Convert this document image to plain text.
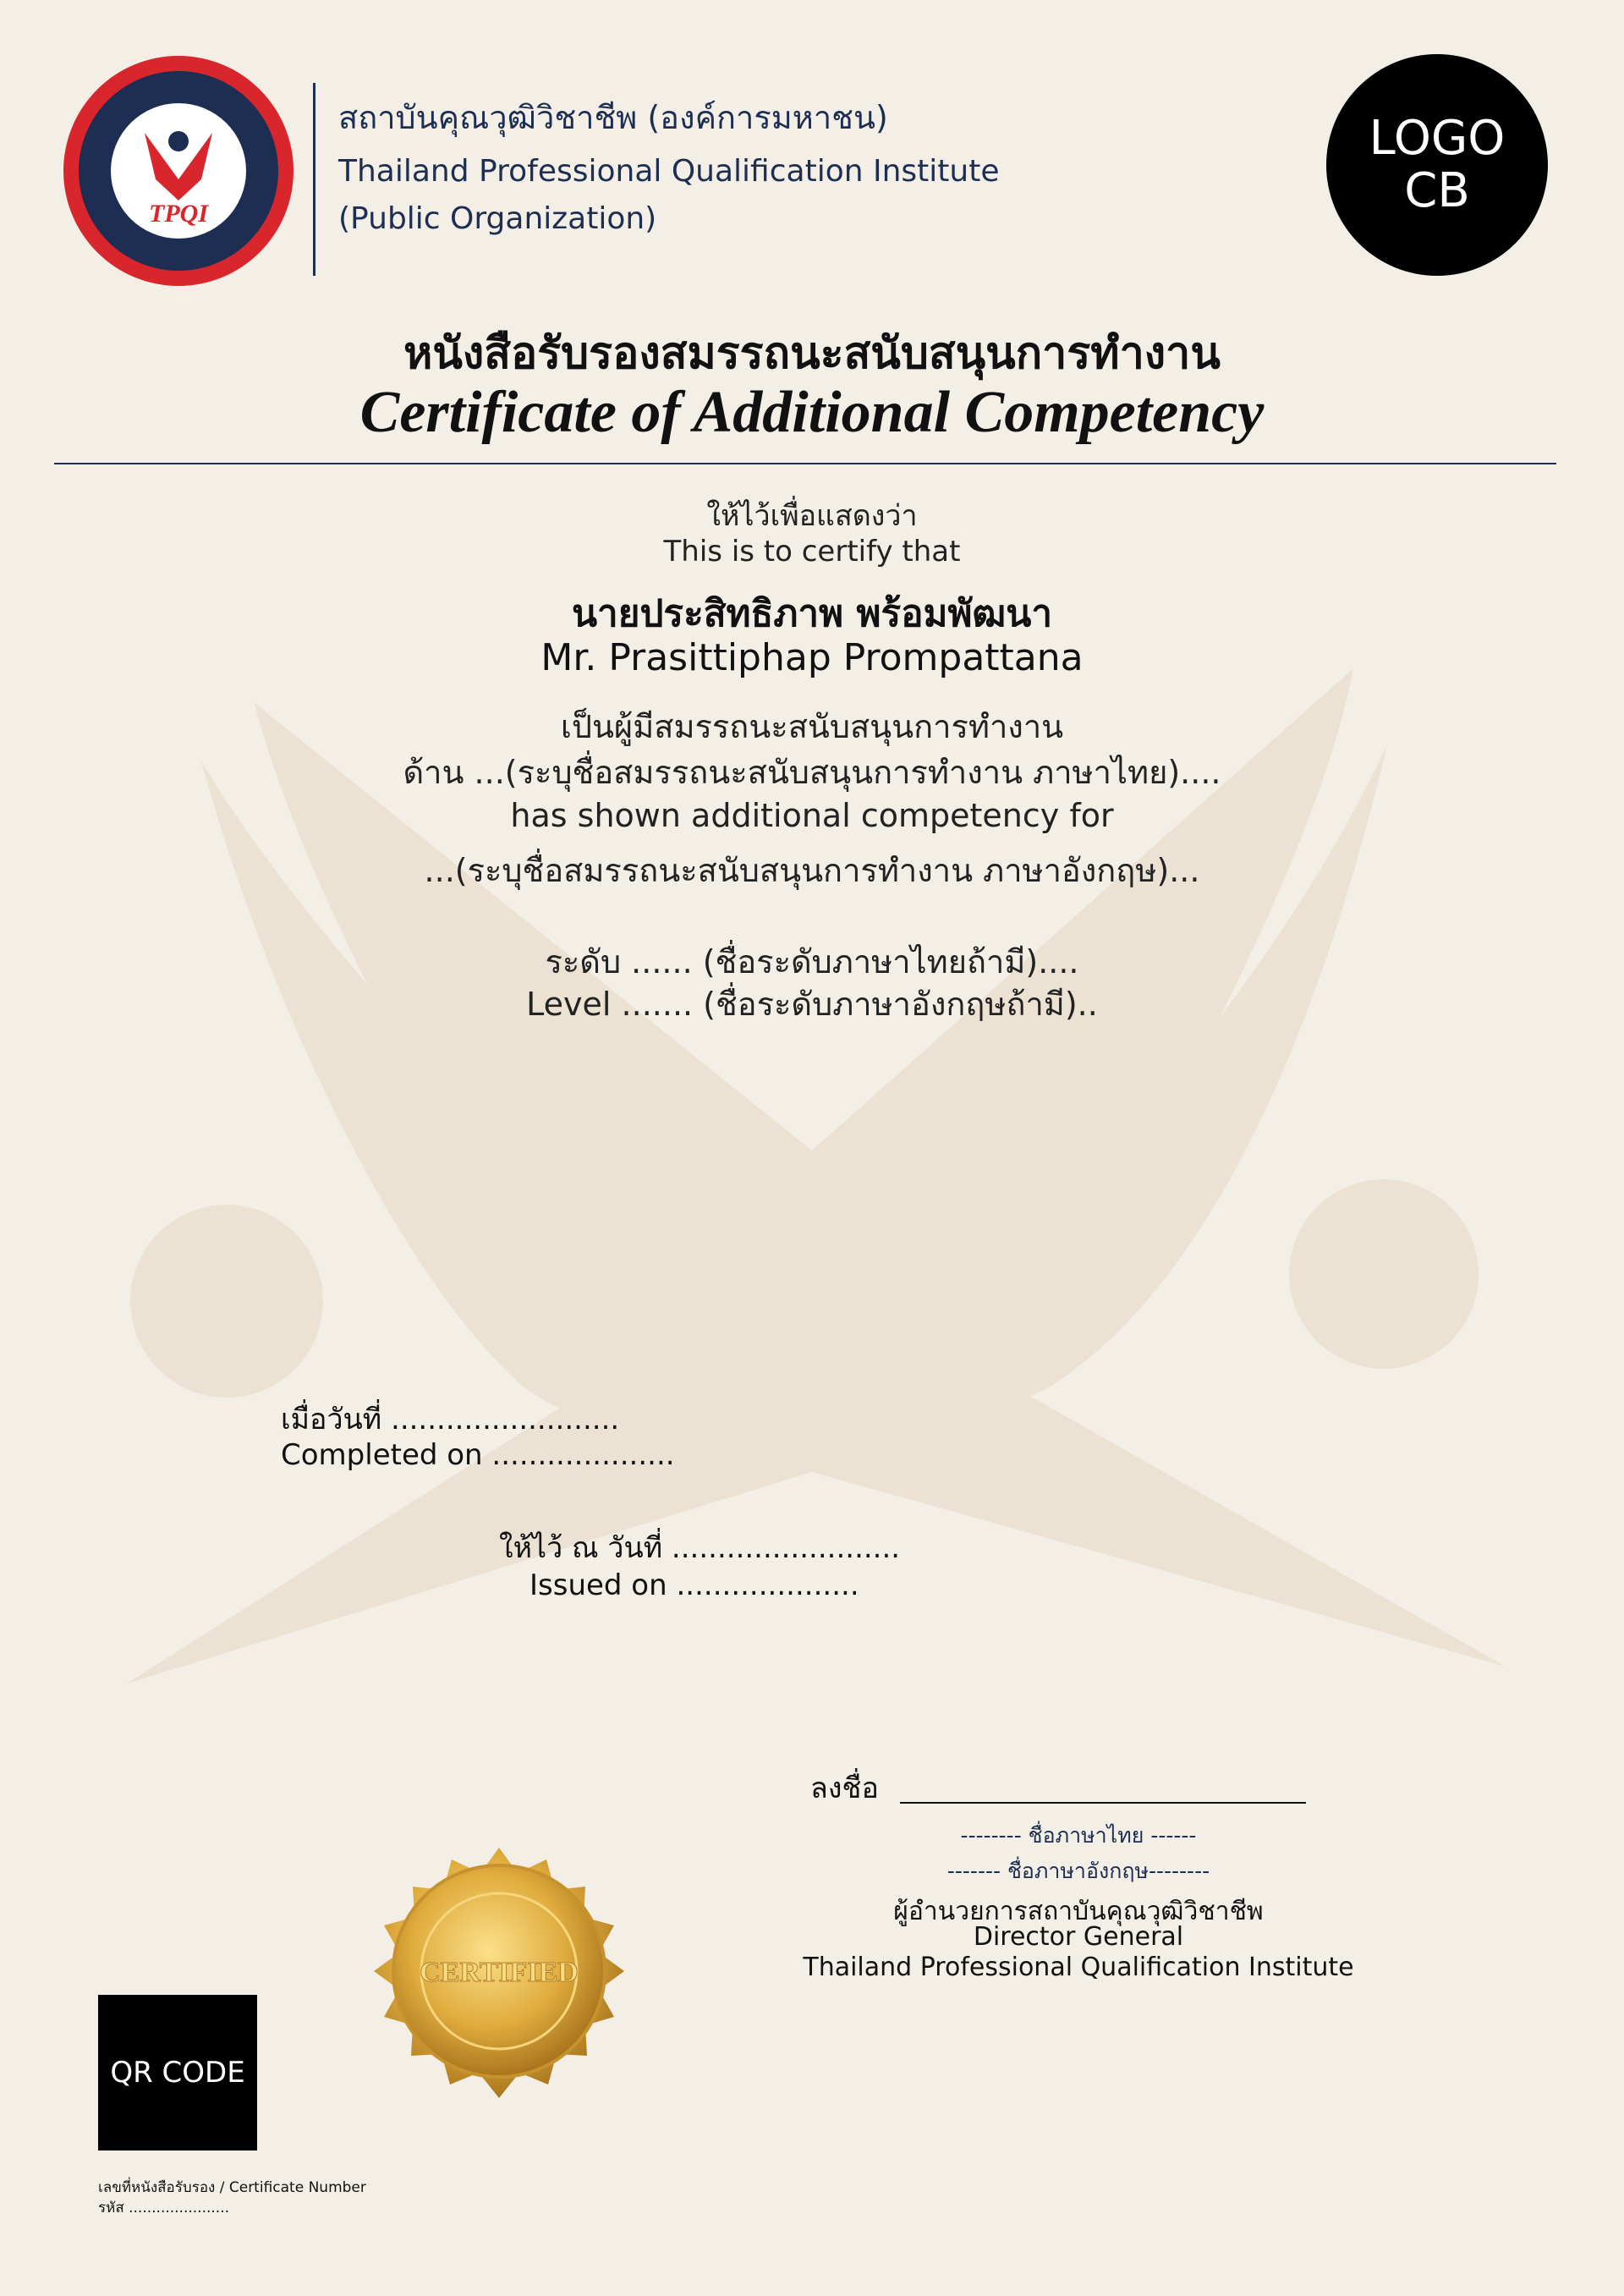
TPQI
สถาบันคุณวุฒิวิชาชีพ (องค์การมหาชน)
Thailand Professional Qualification Institute
(Public Organization)
LOGO
CB
หนังสือรับรองสมรรถนะสนับสนุนการทำงาน
Certificate of Additional Competency
ให้ไว้เพื่อแสดงว่า
This is to certify that
นายประสิทธิภาพ พร้อมพัฒนา
Mr. Prasittiphap Prompattana
เป็นผู้มีสมรรถนะสนับสนุนการทำงาน
ด้าน ...(ระบุชื่อสมรรถนะสนับสนุนการทำงาน ภาษาไทย)....
has shown additional competency for
...(ระบุชื่อสมรรถนะสนับสนุนการทำงาน ภาษาอังกฤษ)...
ระดับ ...... (ชื่อระดับภาษาไทยถ้ามี)....
Level ....... (ชื่อระดับภาษาอังกฤษถ้ามี)..
เมื่อวันที่ .........................
Completed on ....................
ให้ไว้ ณ วันที่ .........................
Issued on ....................
ลงชื่อ
-------- ชื่อภาษาไทย ------
------- ชื่อภาษาอังกฤษ--------
ผู้อำนวยการสถาบันคุณวุฒิวิชาชีพ
Director General
Thailand Professional Qualification Institute
CERTIFIED
QR CODE
เลขที่หนังสือรับรอง / Certificate Number
รหัส ......................
